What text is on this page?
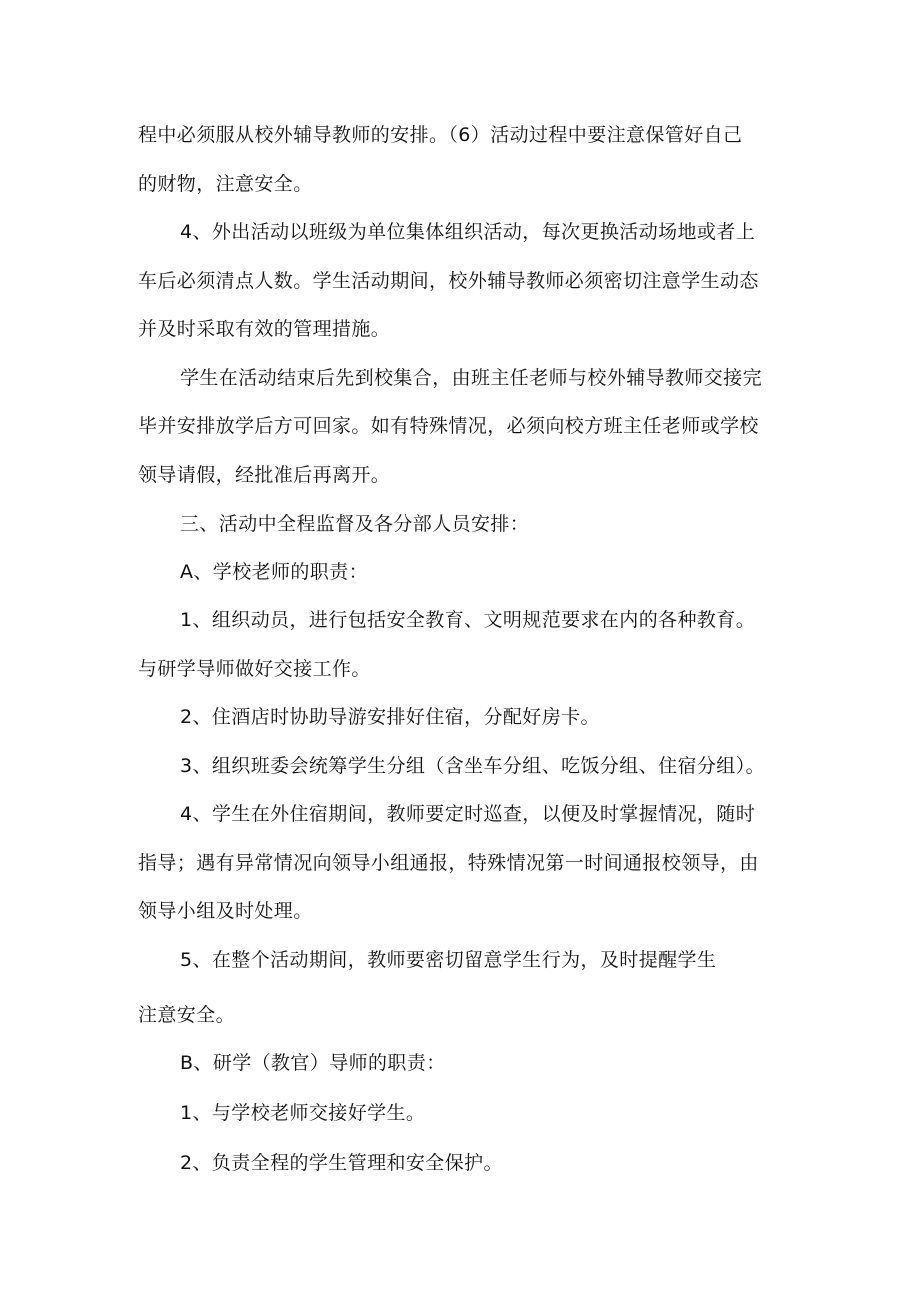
程中必须服从校外辅导教师的安排。（6）活动过程中要注意保管好自己
的财物，注意安全。
4、外出活动以班级为单位集体组织活动，每次更换活动场地或者上
车后必须清点人数。学生活动期间，校外辅导教师必须密切注意学生动态
并及时采取有效的管理措施。
学生在活动结束后先到校集合，由班主任老师与校外辅导教师交接完
毕并安排放学后方可回家。如有特殊情况，必须向校方班主任老师或学校
领导请假，经批准后再离开。
三、活动中全程监督及各分部人员安排：
A、学校老师的职责：
1、组织动员，进行包括安全教育、文明规范要求在内的各种教育。
与研学导师做好交接工作。
2、住酒店时协助导游安排好住宿，分配好房卡。
3、组织班委会统筹学生分组（含坐车分组、吃饭分组、住宿分组）。
4、学生在外住宿期间，教师要定时巡查，以便及时掌握情况，随时
指导；遇有异常情况向领导小组通报，特殊情况第一时间通报校领导，由
领导小组及时处理。
5、在整个活动期间，教师要密切留意学生行为，及时提醒学生
注意安全。
B、研学（教官）导师的职责：
1、与学校老师交接好学生。
2、负责全程的学生管理和安全保护。
